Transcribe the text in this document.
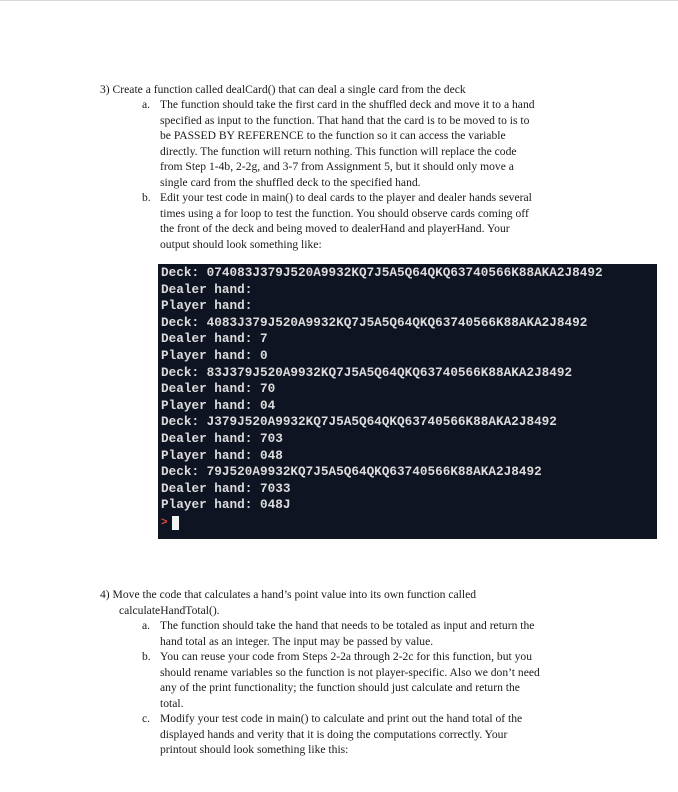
3) Create a function called dealCard() that can deal a single card from the deck

a. The function should take the first card in the shuffled deck and move it to a hand
specified as input to the function. That hand that the card is to be moved to is to
be PASSED BY REFERENCE to the function so it can access the variable
directly. The function will return nothing. This function will replace the code
from Step 1-4b, 2-2g, and 3-7 from Assignment 5, but it should only move a
single card from the shuffled deck to the specified hand.
b. Edit your test code in main() to deal cards to the player and dealer hands several
times using a for loop to test the function. You should observe cards coming off
the front of the deck and being moved to dealerHand and playerHand. Your
output should look something like:
Deck: 074083J379J520A9932KQ7J5A5Q64QKQ63740566K88AKA2J8492
Dealer hand:
Player hand:
Deck: 4083J379J520A9932KQ7J5A5Q64QKQ63740566K88AKA2J8492
Dealer hand: 7
Player hand: 0
Deck: 83J379J520A9932KQ7J5A5Q64QKQ63740566K88AKA2J8492
Dealer hand: 70
Player hand: 04
Deck: J379J520A9932KQ7J5A5Q64QKQ63740566K88AKA2J8492
Dealer hand: 703
Player hand: 048
Deck: 79J520A9932KQ7J5A5Q64QKQ63740566K88AKA2J8492
Dealer hand: 7033
Player hand: 048J
>
4) Move the code that calculates a hand’s point value into its own function called
calculateHandTotal().
a. The function should take the hand that needs to be totaled as input and return the
hand total as an integer. The input may be passed by value.
b. You can reuse your code from Steps 2-2a through 2-2c for this function, but you
should rename variables so the function is not player-specific. Also we don’t need
any of the print functionality; the function should just calculate and return the
total.
c. Modify your test code in main() to calculate and print out the hand total of the
displayed hands and verity that it is doing the computations correctly. Your
printout should look something like this:
